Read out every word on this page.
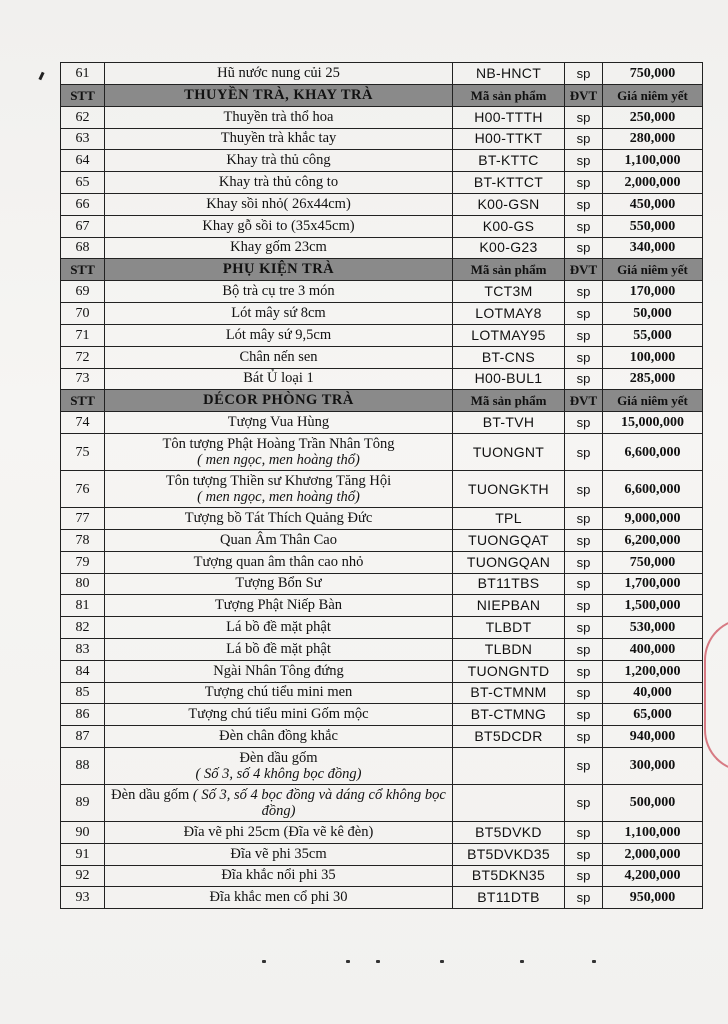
61	Hũ nước nung củi 25	NB-HNCT	sp	750,000
STT	THUYỀN TRÀ, KHAY TRÀ	Mã sản phẩm	ĐVT	Giá niêm yết
62	Thuyền trà thổ hoa	H00-TTTH	sp	250,000
63	Thuyền trà khắc tay	H00-TTKT	sp	280,000
64	Khay trà thủ công	BT-KTTC	sp	1,100,000
65	Khay trà thủ công to	BT-KTTCT	sp	2,000,000
66	Khay sồi nhỏ( 26x44cm)	K00-GSN	sp	450,000
67	Khay gỗ sồi to (35x45cm)	K00-GS	sp	550,000
68	Khay gốm 23cm	K00-G23	sp	340,000
STT	PHỤ KIỆN TRÀ	Mã sản phẩm	ĐVT	Giá niêm yết
69	Bộ trà cụ tre 3 món	TCT3M	sp	170,000
70	Lót mây sứ 8cm	LOTMAY8	sp	50,000
71	Lót mây sứ 9,5cm	LOTMAY95	sp	55,000
72	Chân nến sen	BT-CNS	sp	100,000
73	Bát Ủ loại 1	H00-BUL1	sp	285,000
STT	DÉCOR PHÒNG TRÀ	Mã sản phẩm	ĐVT	Giá niêm yết
74	Tượng Vua Hùng	BT-TVH	sp	15,000,000
75	Tôn tượng Phật Hoàng Trần Nhân Tông
( men ngọc, men hoàng thổ)	TUONGNT	sp	6,600,000
76	Tôn tượng Thiền sư Khương Tăng Hội
( men ngọc, men hoàng thổ)	TUONGKTH	sp	6,600,000
77	Tượng bồ Tát Thích Quảng Đức	TPL	sp	9,000,000
78	Quan Âm Thân Cao	TUONGQAT	sp	6,200,000
79	Tượng quan âm thân cao nhỏ	TUONGQAN	sp	750,000
80	Tượng Bổn Sư	BT11TBS	sp	1,700,000
81	Tượng Phật Niếp Bàn	NIEPBAN	sp	1,500,000
82	Lá bồ đề mặt phật	TLBDT	sp	530,000
83	Lá bồ đề mặt phật	TLBDN	sp	400,000
84	Ngài Nhân Tông đứng	TUONGNTD	sp	1,200,000
85	Tượng chú tiểu mini men	BT-CTMNM	sp	40,000
86	Tượng chú tiểu mini Gốm mộc	BT-CTMNG	sp	65,000
87	Đèn chân đồng khắc	BT5DCDR	sp	940,000
88	Đèn dầu gốm
( Số 3, số 4 không bọc đồng)		sp	300,000
89	Đèn dầu gốm ( Số 3, số 4 bọc đồng và dáng cổ không bọc đồng)		sp	500,000
90	Đĩa vẽ phi 25cm (Đĩa vẽ kê đèn)	BT5DVKD	sp	1,100,000
91	Đĩa vẽ phi 35cm	BT5DVKD35	sp	2,000,000
92	Đĩa khắc nổi phi 35	BT5DKN35	sp	4,200,000
93	Đĩa khắc men cổ phi 30	BT11DTB	sp	950,000
